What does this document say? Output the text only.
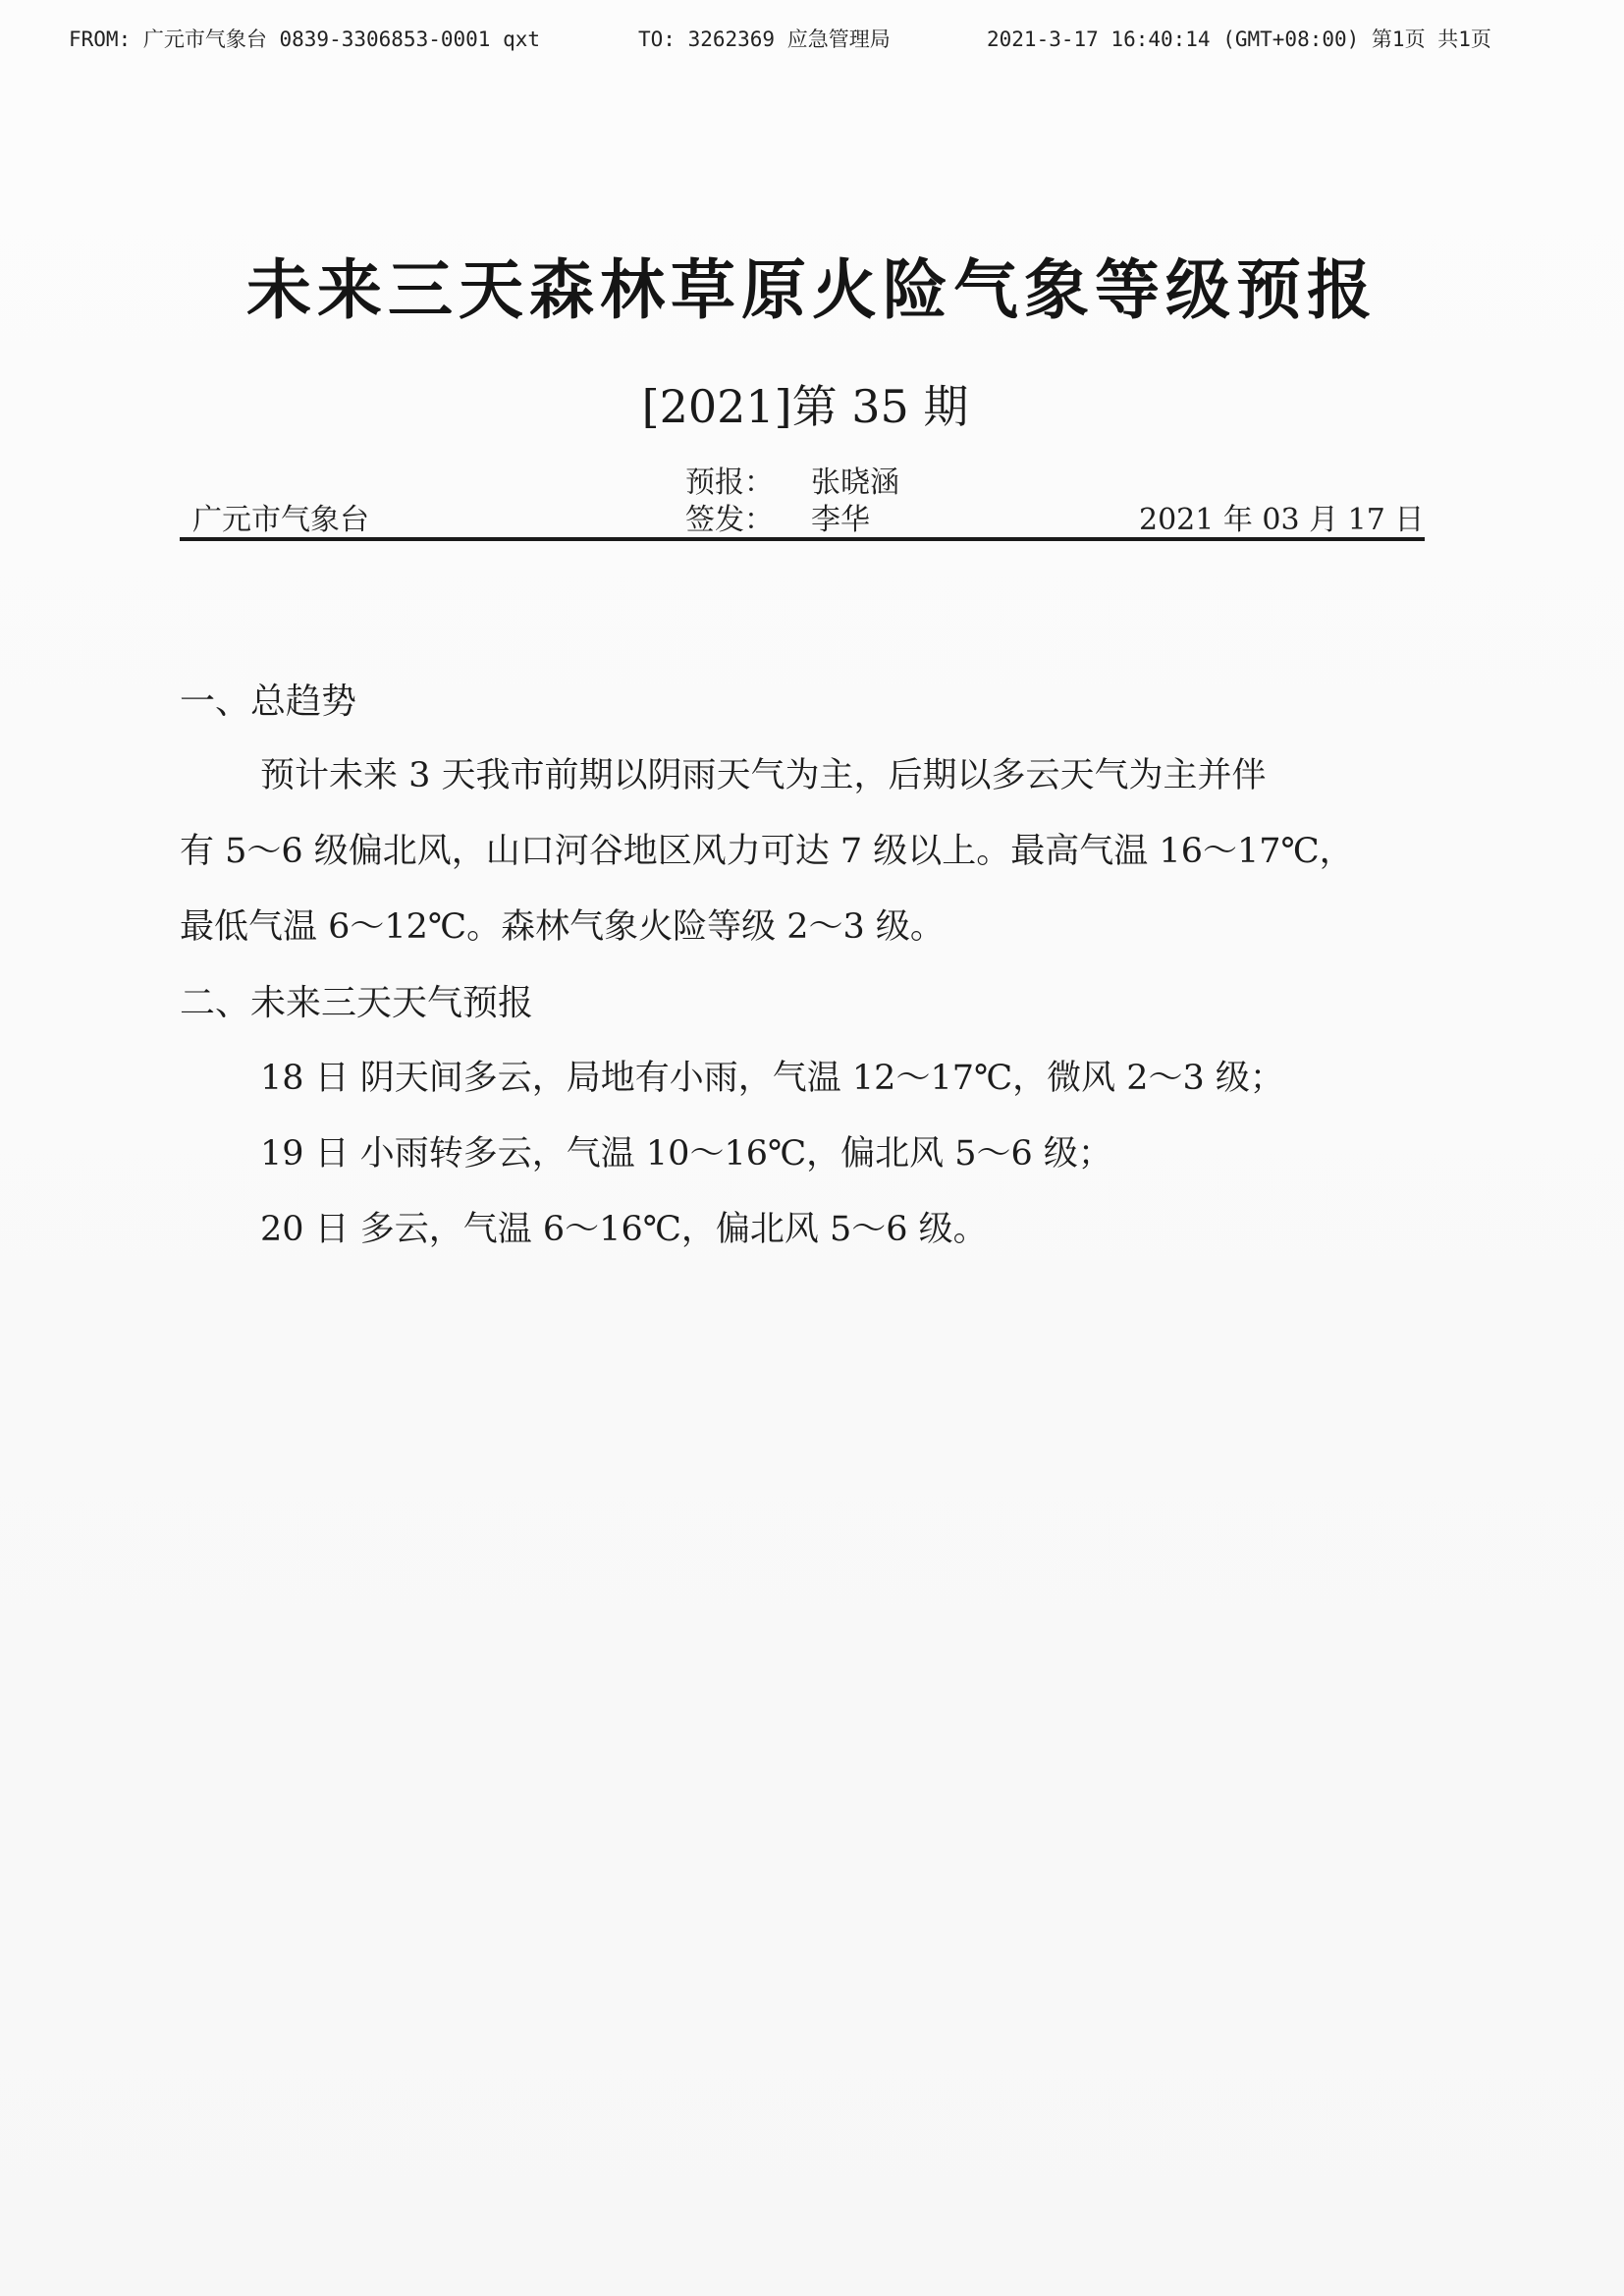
FROM: 广元市气象台 0839-3306853-0001 qxt	TO: 3262369 应急管理局	2021-3-17 16:40:14 (GMT+08:00) 第1页 共1页
未来三天森林草原火险气象等级预报
[2021]第 35 期
预报： 张晓涵
广元市气象台	签发： 李华	2021 年 03 月 17 日
一、总趋势
预计未来 3 天我市前期以阴雨天气为主，后期以多云天气为主并伴
有 5～6 级偏北风，山口河谷地区风力可达 7 级以上。最高气温 16～17℃，
最低气温 6～12℃。森林气象火险等级 2～3 级。
二、未来三天天气预报
18 日 阴天间多云，局地有小雨，气温 12～17℃，微风 2～3 级；
19 日 小雨转多云，气温 10～16℃，偏北风 5～6 级；
20 日 多云，气温 6～16℃，偏北风 5～6 级。
